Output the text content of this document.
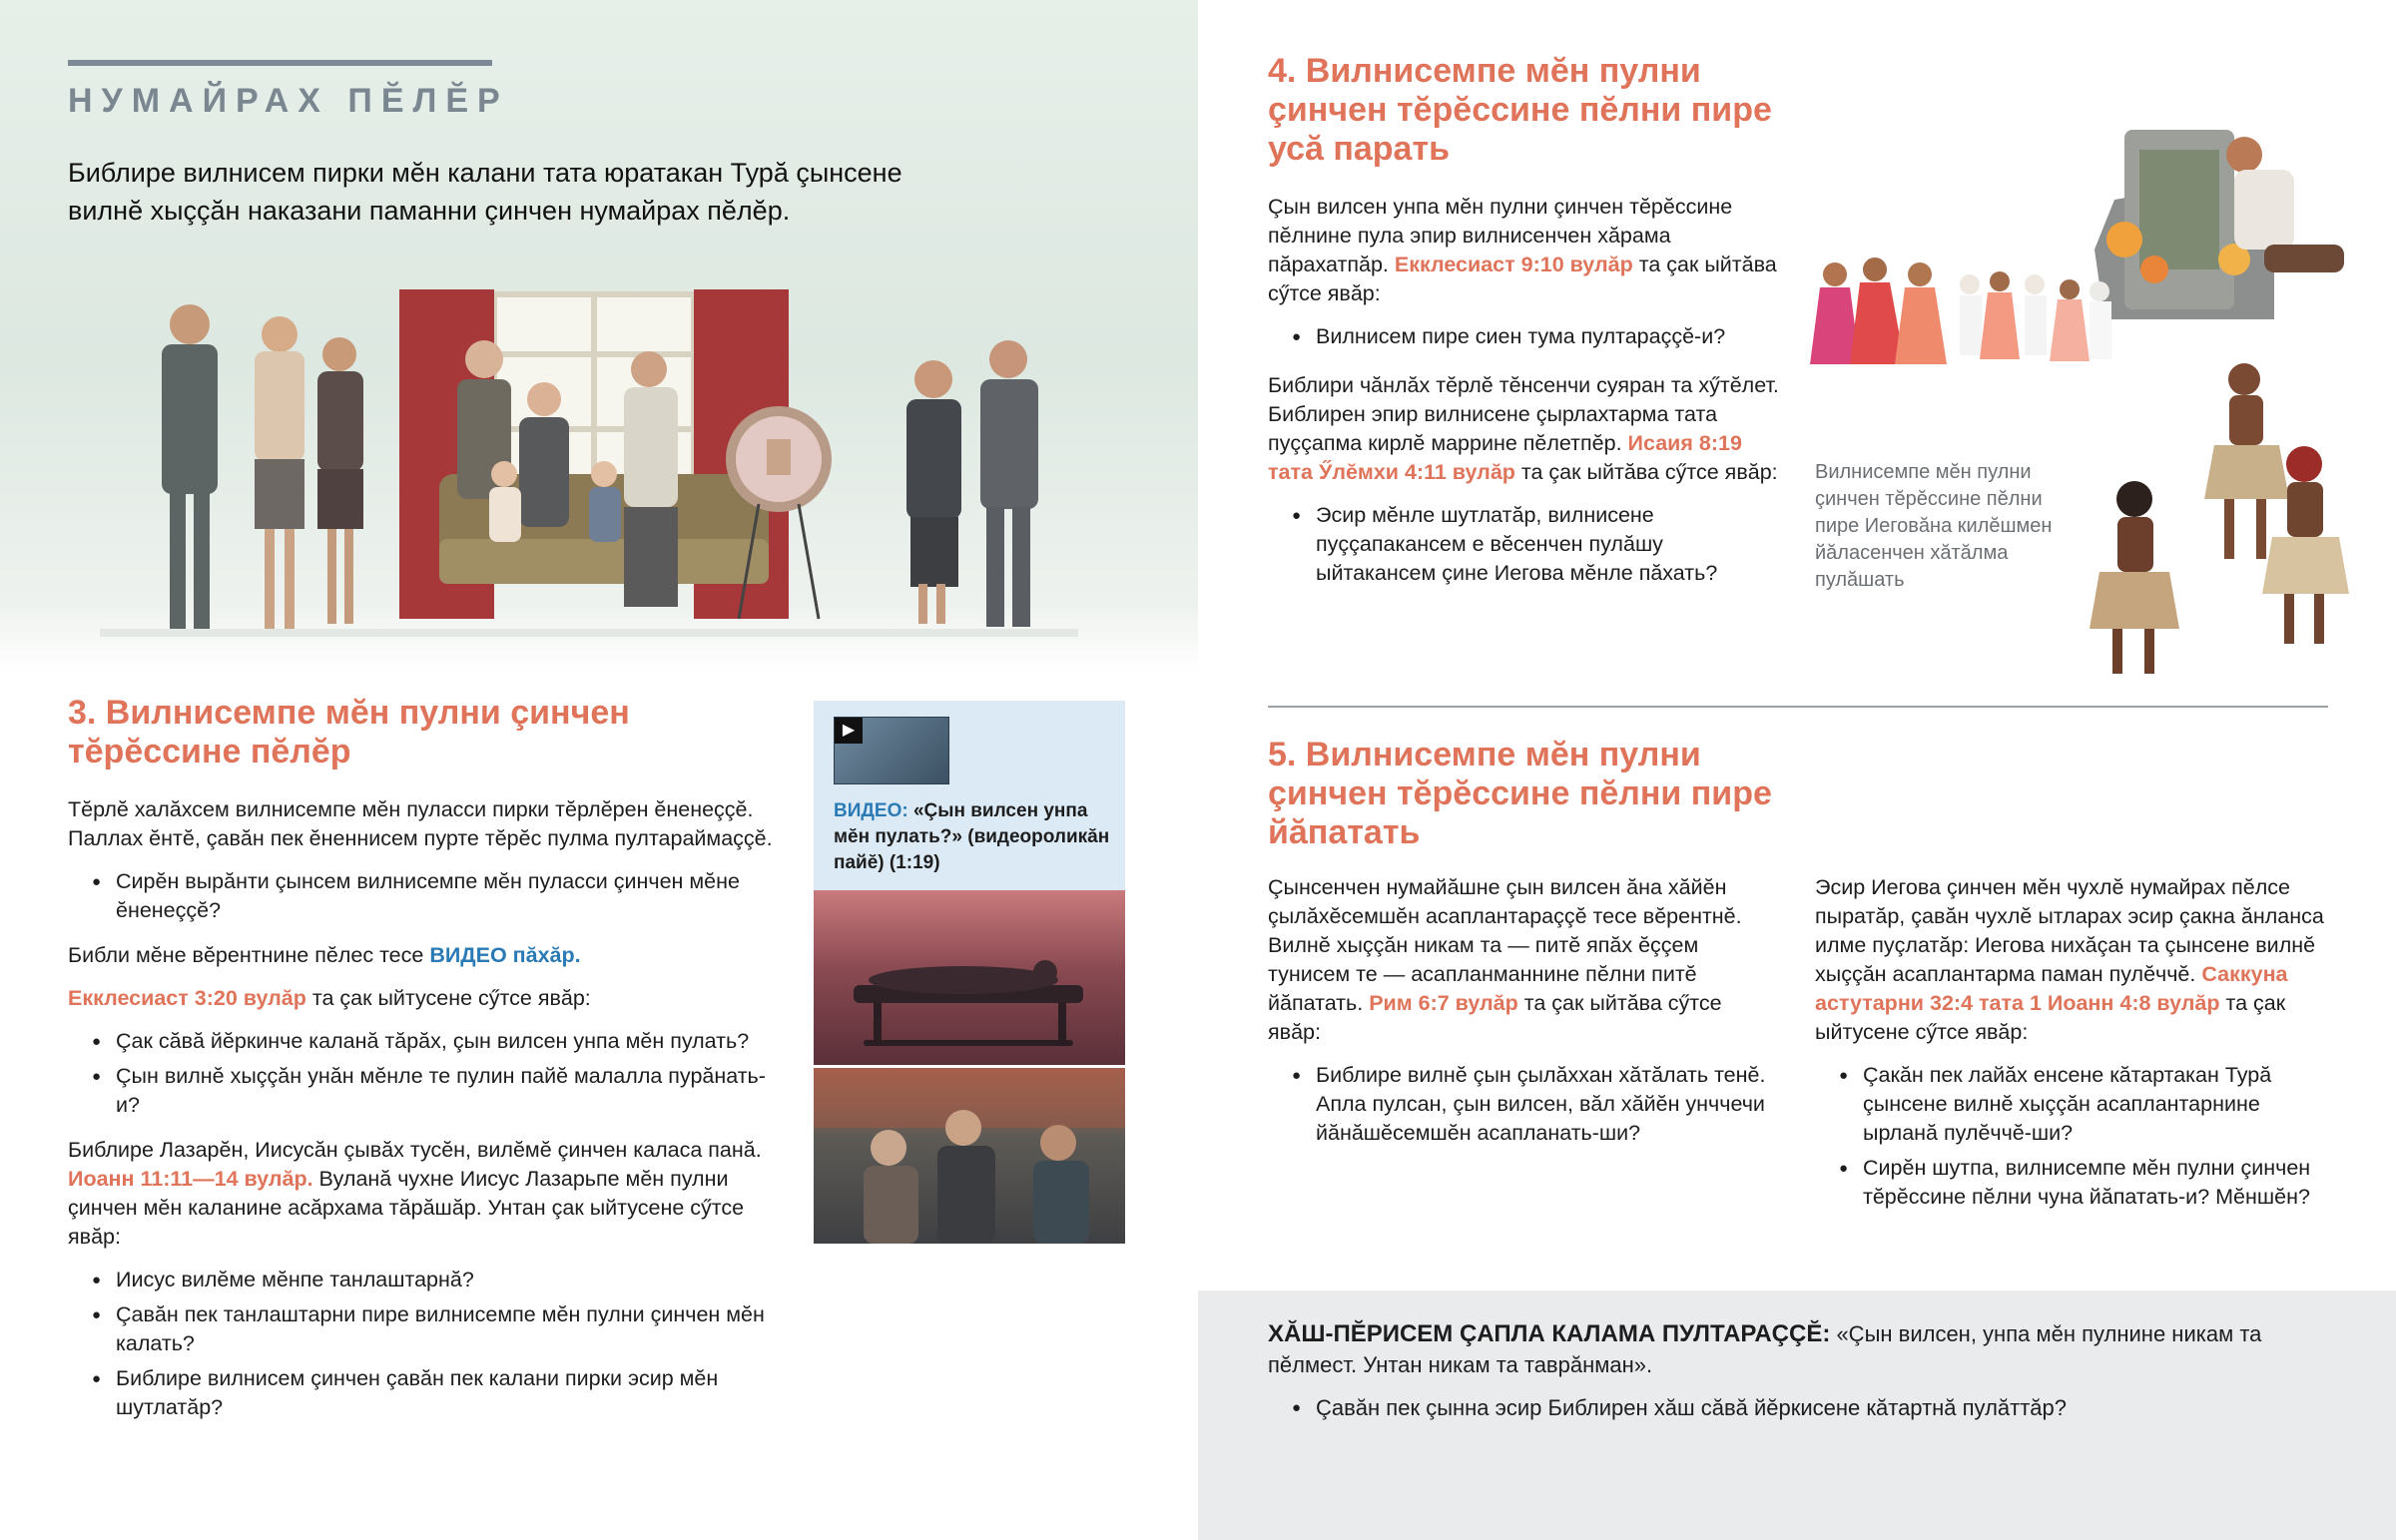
НУМАЙРАХ ПĔЛĔР
Библире вилнисем пирки мĕн калани тата юратакан Турă çынсене вилнĕ хыççăн наказани паманни çинчен нумайрах пĕлĕр.
3. Вилнисемпе мĕн пулни çинчен тĕрĕссине пĕлĕр

Тĕрлĕ халăхсем вилнисемпе мĕн пуласси пирки тĕрлĕрен ĕненеççĕ. Паллах ĕнтĕ, çавăн пек ĕненнисем пурте тĕрĕс пулма пултараймаççĕ.

● Сирĕн вырăнти çынсем вилнисемпе мĕн пуласси çинчен мĕне ĕненеççĕ?

Библи мĕне вĕрентнине пĕлес тесе ВИДЕО пăхăр.

Екклесиаст 3:20 вулăр та çак ыйтусене сӳтсе явăр:

● Çак сăвă йĕркинче каланă тăрăх, çын вилсен унпа мĕн пулать?
● Çын вилнĕ хыççăн унăн мĕнле те пулин пайĕ малалла пурăнать-и?

Библире Лазарĕн, Иисусăн çывăх тусĕн, вилĕмĕ çинчен каласа панă. Иоанн 11:11—14 вулăр. Вуланă чухне Иисус Лазарьпе мĕн пулни çинчен мĕн каланине асăрхама тăрăшăр. Унтан çак ыйтусене сӳтсе явăр:

● Иисус вилĕме мĕнпе танлаштарнă?
● Çавăн пек танлаштарни пире вилнисемпе мĕн пулни çинчен мĕн калать?
● Библире вилнисем çинчен çавăн пек калани пирки эсир мĕн шутлатăр?
▶
ВИДЕО: «Çын вилсен унпа мĕн пулать?» (видеороликăн пайĕ) (1:19)
4. Вилнисемпе мĕн пулни çинчен тĕрĕссине пĕлни пире усă парать

Çын вилсен унпа мĕн пулни çинчен тĕрĕссине пĕлнине пула эпир вилнисенчен хăрама пăрахатпăр. Екклесиаст 9:10 вулăр та çак ыйтăва сӳтсе явăр:

● Вилнисем пире сиен тума пултараççĕ-и?

Библири чăнлăх тĕрлĕ тĕнсенчи суяран та хӳтĕлет. Библирен эпир вилнисене çырлахтарма тата пуççапма кирлĕ маррине пĕлетпĕр. Исаия 8:19 тата Ӳлĕмхи 4:11 вулăр та çак ыйтăва сӳтсе явăр:

● Эсир мĕнле шутлатăр, вилнисене пуççапакансем е вĕсенчен пулăшу ыйтакансем çине Иегова мĕнле пăхать?
Вилнисемпе мĕн пулни çинчен тĕрĕссине пĕлни пире Иеговăна килĕшмен йăласенчен хăтăлма пулăшать
5. Вилнисемпе мĕн пулни çинчен тĕрĕссине пĕлни пире йăпатать

Çынсенчен нумайăшне çын вилсен ăна хăйĕн çылăхĕсемшĕн асаплантараççĕ тесе вĕрентнĕ. Вилнĕ хыççăн никам та — питĕ япăх ĕççем тунисем те — асапланманнине пĕлни питĕ йăпатать. Рим 6:7 вулăр та çак ыйтăва сӳтсе явăр:

● Библире вилнĕ çын çылăххан хăтăлать тенĕ. Апла пулсан, çын вилсен, вăл хăйĕн унччечи йăнăшĕсемшĕн асапланать-ши?

Эсир Иегова çинчен мĕн чухлĕ нумайрах пĕлсе пыратăр, çавăн чухлĕ ытларах эсир çакна ăнланса илме пуçлатăр: Иегова нихăçан та çынсене вилнĕ хыççăн асаплантарма паман пулĕччĕ. Саккуна астутарни 32:4 тата 1 Иоанн 4:8 вулăр та çак ыйтусене сӳтсе явăр:

● Çакăн пек лайăх енсене кăтартакан Турă çынсене вилнĕ хыççăн асаплантарнине ырланă пулĕччĕ-ши?
● Сирĕн шутпа, вилнисемпе мĕн пулни çинчен тĕрĕссине пĕлни чуна йăпатать-и? Мĕншĕн?
ХĂШ-ПĔРИСЕМ ÇАПЛА КАЛАМА ПУЛТАРАÇÇĔ: «Çын вилсен, унпа мĕн пулнине никам та пĕлмест. Унтан никам та таврăнман».
● Çавăн пек çынна эсир Библирен хăш сăвă йĕркисене кăтартнă пулăттăр?
